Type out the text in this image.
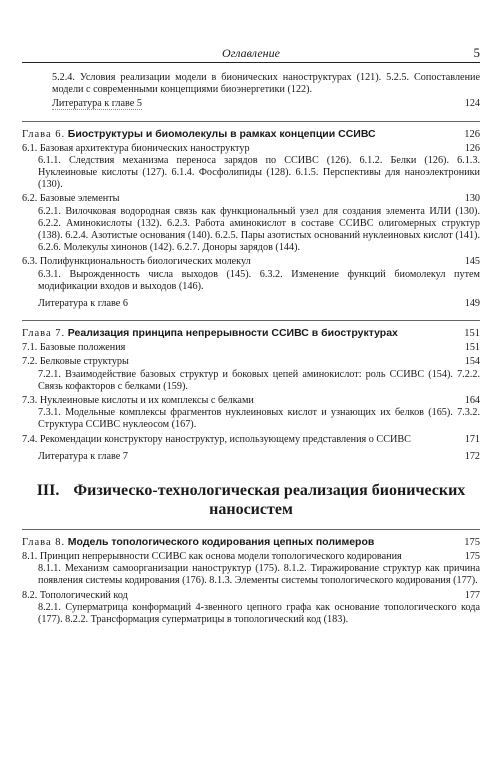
Оглавление	5
5.2.4. Условия реализации модели в бионических наноструктурах (121). 5.2.5. Сопоставление модели с современными концепциями биоэнергетики (122).
Литература к главе 5	124
Глава 6. Биоструктуры и биомолекулы в рамках концепции ССИВС	126
6.1. Базовая архитектура бионических наноструктур	126
6.1.1. Следствия механизма переноса зарядов по ССИВС (126). 6.1.2. Белки (126). 6.1.3. Нуклеиновые кислоты (127). 6.1.4. Фосфолипиды (128). 6.1.5. Перспективы для наноэлектроники (130).
6.2. Базовые элементы	130
6.2.1. Вилочковая водородная связь как функциональный узел для создания элемента ИЛИ (130). 6.2.2. Аминокислоты (132). 6.2.3. Работа аминокислот в составе ССИВС олигомерных структур (138). 6.2.4. Азотистые основания (140). 6.2.5. Пары азотистых оснований нуклеиновых кислот (141). 6.2.6. Молекулы хинонов (142). 6.2.7. Доноры зарядов (144).
6.3. Полифункциональность биологических молекул	145
6.3.1. Вырожденность числа выходов (145). 6.3.2. Изменение функций биомолекул путем модификации входов и выходов (146).
Литература к главе 6	149
Глава 7. Реализация принципа непрерывности ССИВС в биоструктурах	151
7.1. Базовые положения	151
7.2. Белковые структуры	154
7.2.1. Взаимодействие базовых структур и боковых цепей аминокислот: роль ССИВС (154). 7.2.2. Связь кофакторов с белками (159).
7.3. Нуклеиновые кислоты и их комплексы с белками	164
7.3.1. Модельные комплексы фрагментов нуклеиновых кислот и узнающих их белков (165). 7.3.2. Структура ССИВС нуклеосом (167).
7.4. Рекомендации конструктору наноструктур, использующему представления о ССИВС	171
Литература к главе 7	172
III. Физическо-технологическая реализация бионических наносистем
Глава 8. Модель топологического кодирования цепных полимеров	175
8.1. Принцип непрерывности ССИВС как основа модели топологического кодирования	175
8.1.1. Механизм самоорганизации наноструктур (175). 8.1.2. Тиражирование структур как причина появления системы кодирования (176). 8.1.3. Элементы системы топологического кодирования (177).
8.2. Топологический код	177
8.2.1. Суперматрица конформаций 4-звенного цепного графа как основание топологического кода (177). 8.2.2. Трансформация суперматрицы в топологический код (183).
